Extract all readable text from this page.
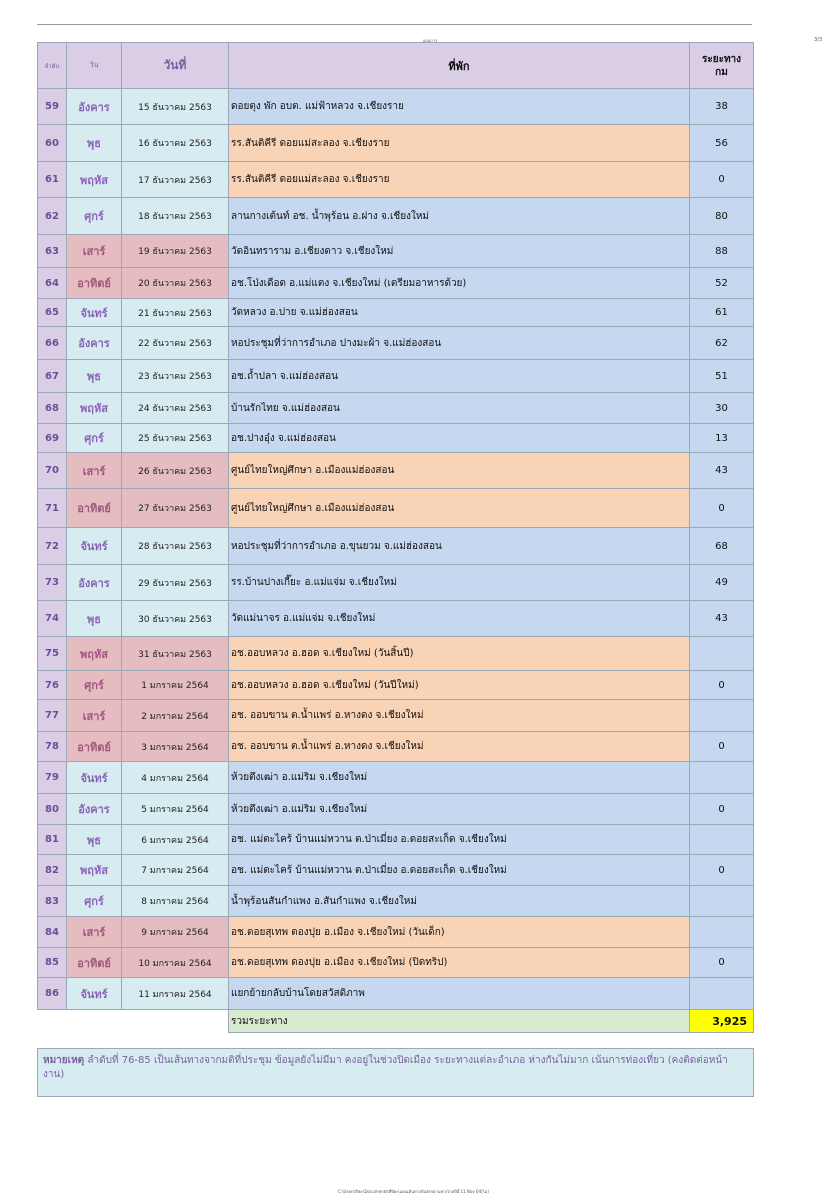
แผนการ	3/3
ลำดับ	วัน	วันที่	ที่พัก	ระยะทาง
กม
59	อังคาร	15 ธันวาคม 2563	ดอยตุง พัก อบต. แม่ฟ้าหลวง จ.เชียงราย	38
60	พุธ	16 ธันวาคม 2563	รร.สันติคีรี ดอยแม่สะลอง จ.เชียงราย	56
61	พฤหัส	17 ธันวาคม 2563	รร.สันติคีรี ดอยแม่สะลอง จ.เชียงราย	0
62	ศุกร์	18 ธันวาคม 2563	ลานกางเต้นท์ อช. น้ำพุร้อน อ.ฝาง จ.เชียงใหม่	80
63	เสาร์	19 ธันวาคม 2563	วัดอินทราราม อ.เชียงดาว จ.เชียงใหม่	88
64	อาทิตย์	20 ธันวาคม 2563	อช.โป่งเดือด อ.แม่แตง จ.เชียงใหม่ (เตรียมอาหารด้วย)	52
65	จันทร์	21 ธันวาคม 2563	วัดหลวง อ.ปาย จ.แม่ฮ่องสอน	61
66	อังคาร	22 ธันวาคม 2563	หอประชุมที่ว่าการอำเภอ ปางมะผ้า จ.แม่ฮ่องสอน	62
67	พุธ	23 ธันวาคม 2563	อช.ถ้ำปลา จ.แม่ฮ่องสอน	51
68	พฤหัส	24 ธันวาคม 2563	บ้านรักไทย จ.แม่ฮ่องสอน	30
69	ศุกร์	25 ธันวาคม 2563	อช.ปางอุ๋ง จ.แม่ฮ่องสอน	13
70	เสาร์	26 ธันวาคม 2563	ศูนย์ไทยใหญ่ศึกษา อ.เมืองแม่ฮ่องสอน	43
71	อาทิตย์	27 ธันวาคม 2563	ศูนย์ไทยใหญ่ศึกษา อ.เมืองแม่ฮ่องสอน	0
72	จันทร์	28 ธันวาคม 2563	หอประชุมที่ว่าการอำเภอ อ.ขุนยวม จ.แม่ฮ่องสอน	68
73	อังคาร	29 ธันวาคม 2563	รร.บ้านปางเกี๊ยะ อ.แม่แจ่ม จ.เชียงใหม่	49
74	พุธ	30 ธันวาคม 2563	วัดแม่นาจร อ.แม่แจ่ม จ.เชียงใหม่	43
75	พฤหัส	31 ธันวาคม 2563	อช.ออบหลวง อ.ฮอด จ.เชียงใหม่ (วันสิ้นปี)	
76	ศุกร์	1 มกราคม 2564	อช.ออบหลวง อ.ฮอด จ.เชียงใหม่ (วันปีใหม่)	0
77	เสาร์	2 มกราคม 2564	อช. ออบขาน ต.น้ำแพร่ อ.หางดง จ.เชียงใหม่	
78	อาทิตย์	3 มกราคม 2564	อช. ออบขาน ต.น้ำแพร่ อ.หางดง จ.เชียงใหม่	0
79	จันทร์	4 มกราคม 2564	ห้วยตึงเฒ่า อ.แม่ริม จ.เชียงใหม่	
80	อังคาร	5 มกราคม 2564	ห้วยตึงเฒ่า อ.แม่ริม จ.เชียงใหม่	0
81	พุธ	6 มกราคม 2564	อช. แม่ตะไคร้ บ้านแม่หวาน ต.ป่าเมี่ยง อ.ดอยสะเก็ด จ.เชียงใหม่	
82	พฤหัส	7 มกราคม 2564	อช. แม่ตะไคร้ บ้านแม่หวาน ต.ป่าเมี่ยง อ.ดอยสะเก็ด จ.เชียงใหม่	0
83	ศุกร์	8 มกราคม 2564	น้ำพุร้อนสันกำแพง อ.สันกำแพง จ.เชียงใหม่	
84	เสาร์	9 มกราคม 2564	อช.ดอยสุเทพ ดองปุย อ.เมือง จ.เชียงใหม่ (วันเด็ก)	
85	อาทิตย์	10 มกราคม 2564	อช.ดอยสุเทพ ดองปุย อ.เมือง จ.เชียงใหม่ (ปิดทริป)	0
86	จันทร์	11 มกราคม 2564	แยกย้ายกลับบ้านโดยสวัสดิภาพ	
			รวมระยะทาง	3,925
หมายเหตุ ลำดับที่ 76-85 เป็นเส้นทางจากมติที่ประชุม ข้อมูลยังไม่มีมา คงอยู่ในช่วงปิดเมือง ระยะทางแต่ละอำเภอ ห่างกันไม่มาก เน้นการท่องเที่ยว (คงติดต่อหน้างาน)
C:\Users\ปิยะ\Documents\ที่ปิยะ\แผนเดินทางปั่นจักรยานทางไกลปีนี้ 11 Nov 64(ไม่)
